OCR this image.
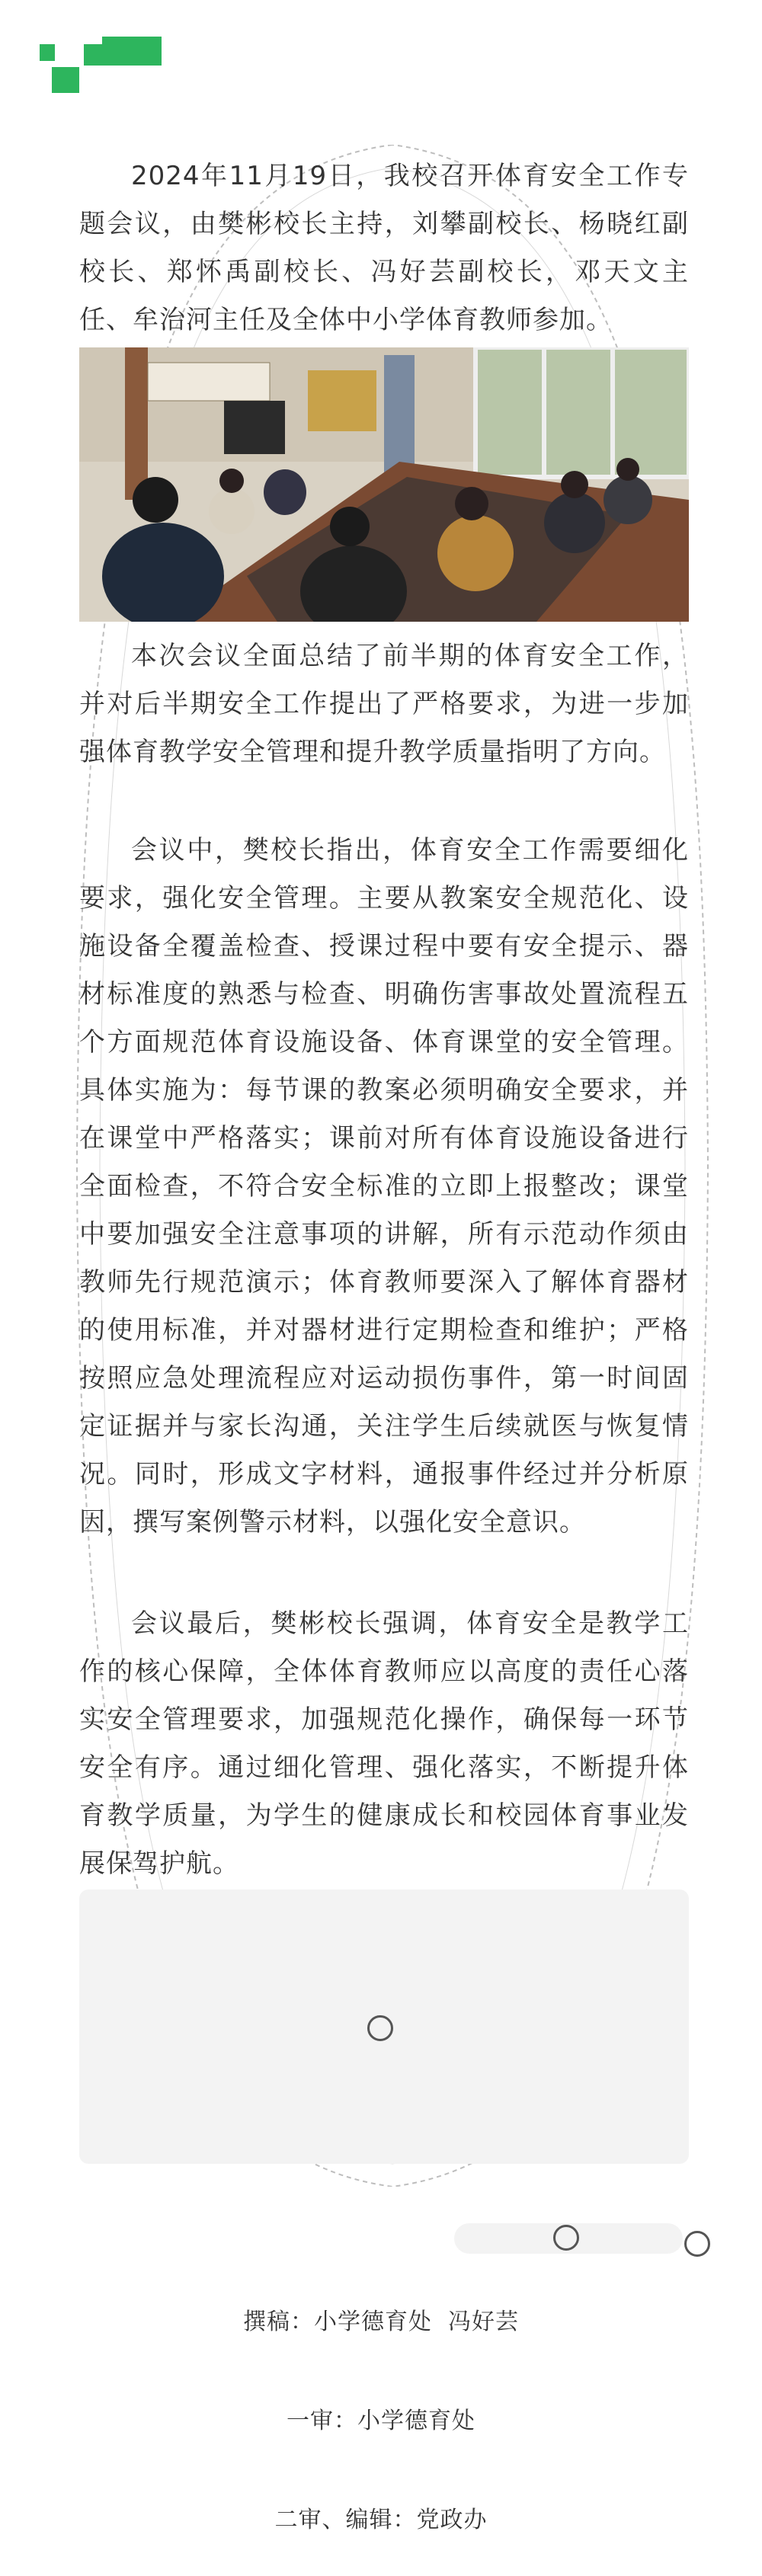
2024年11月19日，我校召开体育安全工作专题会议，由樊彬校长主持，刘攀副校长、杨晓红副校长、郑怀禹副校长、冯好芸副校长，邓天文主任、牟治河主任及全体中小学体育教师参加。

本次会议全面总结了前半期的体育安全工作，并对后半期安全工作提出了严格要求，为进一步加强体育教学安全管理和提升教学质量指明了方向。

会议中，樊校长指出，体育安全工作需要细化要求，强化安全管理。主要从教案安全规范化、设施设备全覆盖检查、授课过程中要有安全提示、器材标准度的熟悉与检查、明确伤害事故处置流程五个方面规范体育设施设备、体育课堂的安全管理。具体实施为：每节课的教案必须明确安全要求，并在课堂中严格落实；课前对所有体育设施设备进行全面检查，不符合安全标准的立即上报整改；课堂中要加强安全注意事项的讲解，所有示范动作须由教师先行规范演示；体育教师要深入了解体育器材的使用标准，并对器材进行定期检查和维护；严格按照应急处理流程应对运动损伤事件，第一时间固定证据并与家长沟通，关注学生后续就医与恢复情况。同时，形成文字材料，通报事件经过并分析原因，撰写案例警示材料，以强化安全意识。

会议最后，樊彬校长强调，体育安全是教学工作的核心保障，全体体育教师应以高度的责任心落实安全管理要求，加强规范化操作，确保每一环节安全有序。通过细化管理、强化落实，不断提升体育教学质量，为学生的健康成长和校园体育事业发展保驾护航。

撰稿：小学德育处  冯好芸
一审：小学德育处
二审、编辑：党政办
